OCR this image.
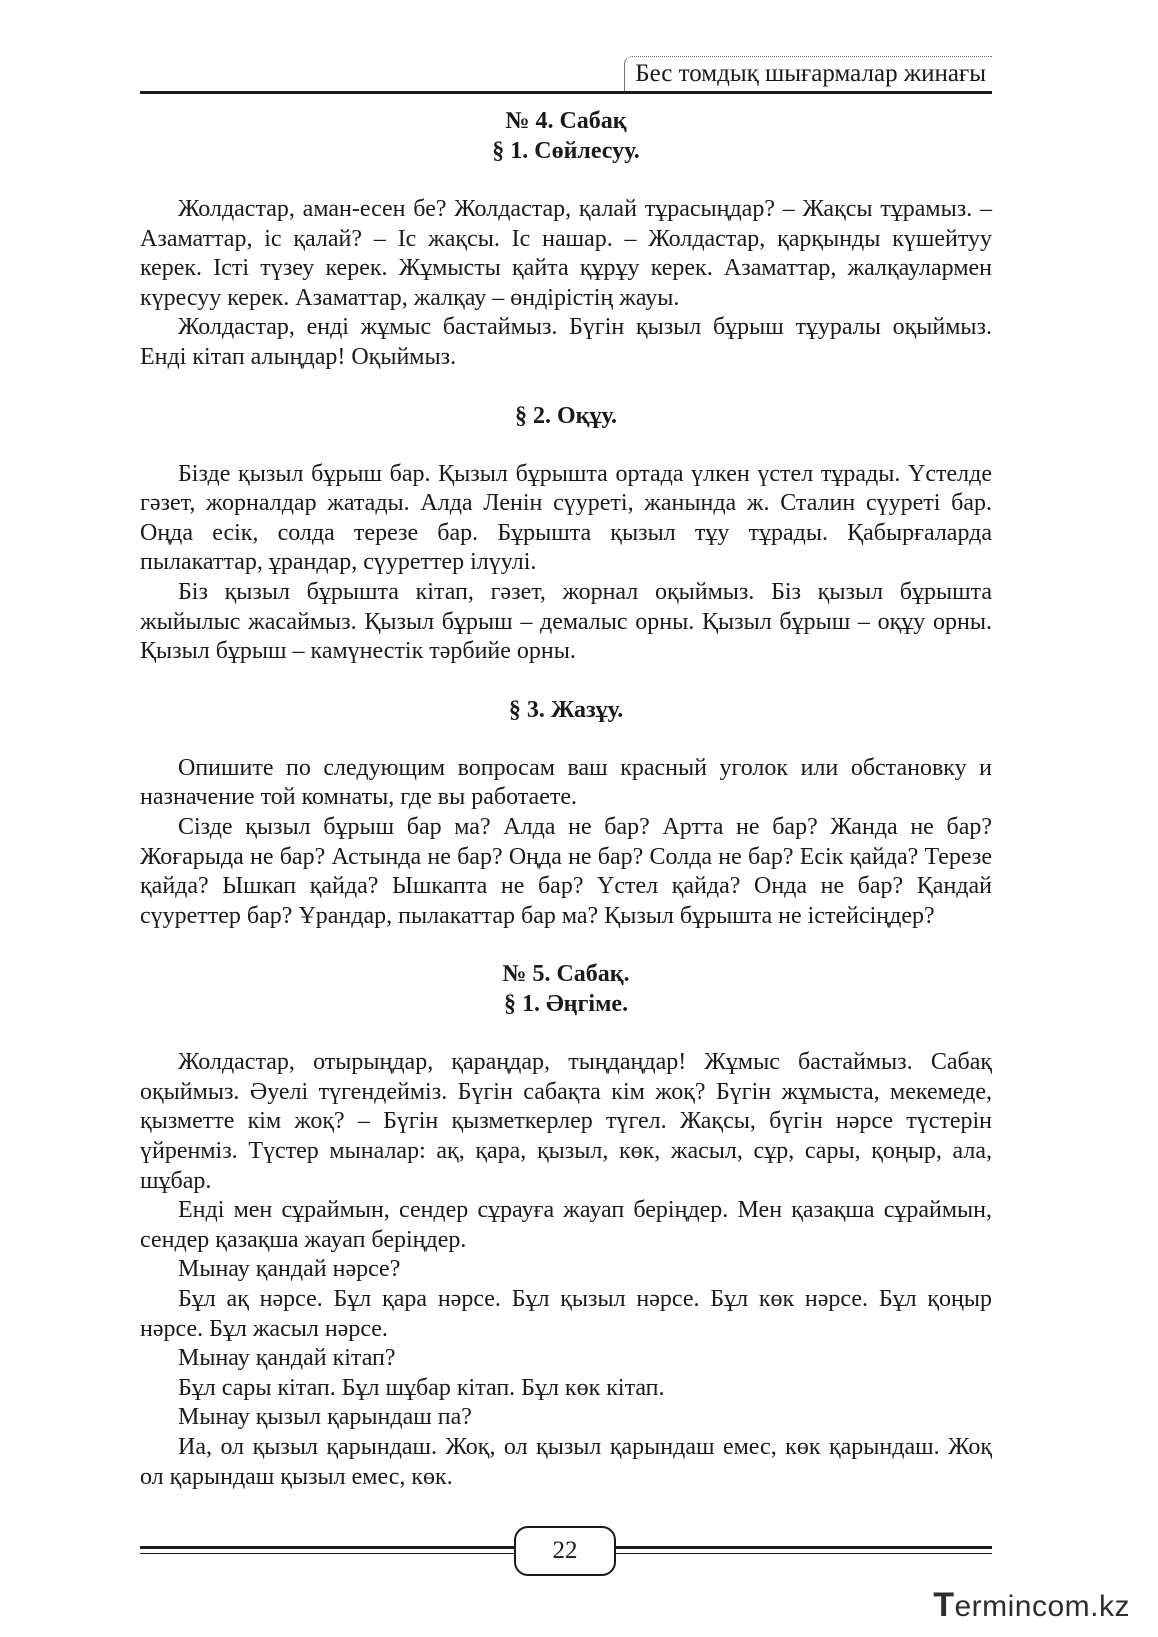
Бес томдық шығармалар жинағы
№ 4. Сабақ
§ 1. Сөйлесуу.

Жолдастар, аман-есен бе? Жолдастар, қалай тұрасыңдар? – Жақсы тұрамыз. – Азаматтар, іс қалай? – Іс жақсы. Іс нашар. – Жолдастар, қарқынды күшейтуу керек. Істі түзеу керек. Жұмысты қайта құрұу керек. Азаматтар, жалқаулармен күресуу керек. Азаматтар, жалқау – өндірістің жауы.

Жолдастар, енді жұмыс бастаймыз. Бүгін қызыл бұрыш тұуралы оқыймыз. Енді кітап алыңдар! Оқыймыз.

§ 2. Оқұу.

Бізде қызыл бұрыш бар. Қызыл бұрышта ортада үлкен үстел тұрады. Үстелде гәзет, жорналдар жатады. Алда Ленін сүуреті, жанында ж. Сталин сүуреті бар. Оңда есік, солда терезе бар. Бұрышта қызыл тұу тұрады. Қабырғаларда пылакаттар, ұрандар, сүуреттер ілүулі.

Біз қызыл бұрышта кітап, гәзет, жорнал оқыймыз. Біз қызыл бұрышта жыйылыс жасаймыз. Қызыл бұрыш – демалыс орны. Қызыл бұрыш – оқұу орны. Қызыл бұрыш – камүнестік тәрбийе орны.

§ 3. Жазұу.

Опишите по следующим вопросам ваш красный уголок или обстановку и назначение той комнаты, где вы работаете.

Сізде қызыл бұрыш бар ма? Алда не бар? Артта не бар? Жанда не бар? Жоғарыда не бар? Астында не бар? Оңда не бар? Солда не бар? Есік қайда? Терезе қайда? Ышкап қайда? Ышкапта не бар? Үстел қайда? Онда не бар? Қандай сүуреттер бар? Ұрандар, пылакаттар бар ма? Қызыл бұрышта не істейсіңдер?

№ 5. Сабақ.
§ 1. Әңгіме.

Жолдастар, отырыңдар, қараңдар, тыңдаңдар! Жұмыс бастаймыз. Сабақ оқыймыз. Әуелі түгендейміз. Бүгін сабақта кім жоқ? Бүгін жұмыста, мекемеде, қызметте кім жоқ? – Бүгін қызметкерлер түгел. Жақсы, бүгін нәрсе түстерін үйренміз. Түстер мыналар: ақ, қара, қызыл, көк, жасыл, сұр, сары, қоңыр, ала, шұбар.

Енді мен сұраймын, сендер сұрауға жауап беріңдер. Мен қазақша сұраймын, сендер қазақша жауап беріңдер.

Мынау қандай нәрсе?

Бұл ақ нәрсе. Бұл қара нәрсе. Бұл қызыл нәрсе. Бұл көк нәрсе. Бұл қоңыр нәрсе. Бұл жасыл нәрсе.

Мынау қандай кітап?

Бұл сары кітап. Бұл шұбар кітап. Бұл көк кітап.

Мынау қызыл қарындаш па?

Иа, ол қызыл қарындаш. Жоқ, ол қызыл қарындаш емес, көк қарындаш. Жоқ ол қарындаш қызыл емес, көк.

22
Termincom.kz
